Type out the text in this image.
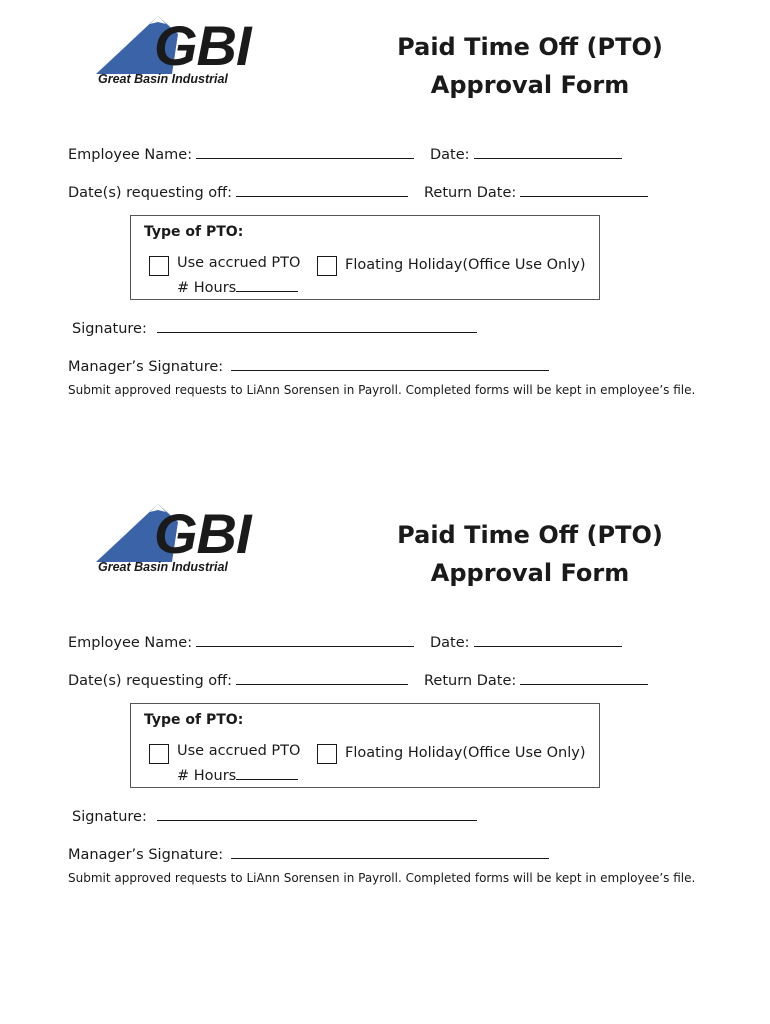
GBI
Great Basin Industrial
Paid Time Off (PTO)
Approval Form
Employee Name:	Date:
Date(s) requesting off:	Return Date:
Type of PTO:
Use accrued PTO
# Hours
Floating Holiday(Office Use Only)
Signature:
Manager’s Signature:
Submit approved requests to LiAnn Sorensen in Payroll. Completed forms will be kept in employee’s file.
GBI
Great Basin Industrial
Paid Time Off (PTO)
Approval Form
Employee Name:	Date:
Date(s) requesting off:	Return Date:
Type of PTO:
Use accrued PTO
# Hours
Floating Holiday(Office Use Only)
Signature:
Manager’s Signature:
Submit approved requests to LiAnn Sorensen in Payroll. Completed forms will be kept in employee’s file.
